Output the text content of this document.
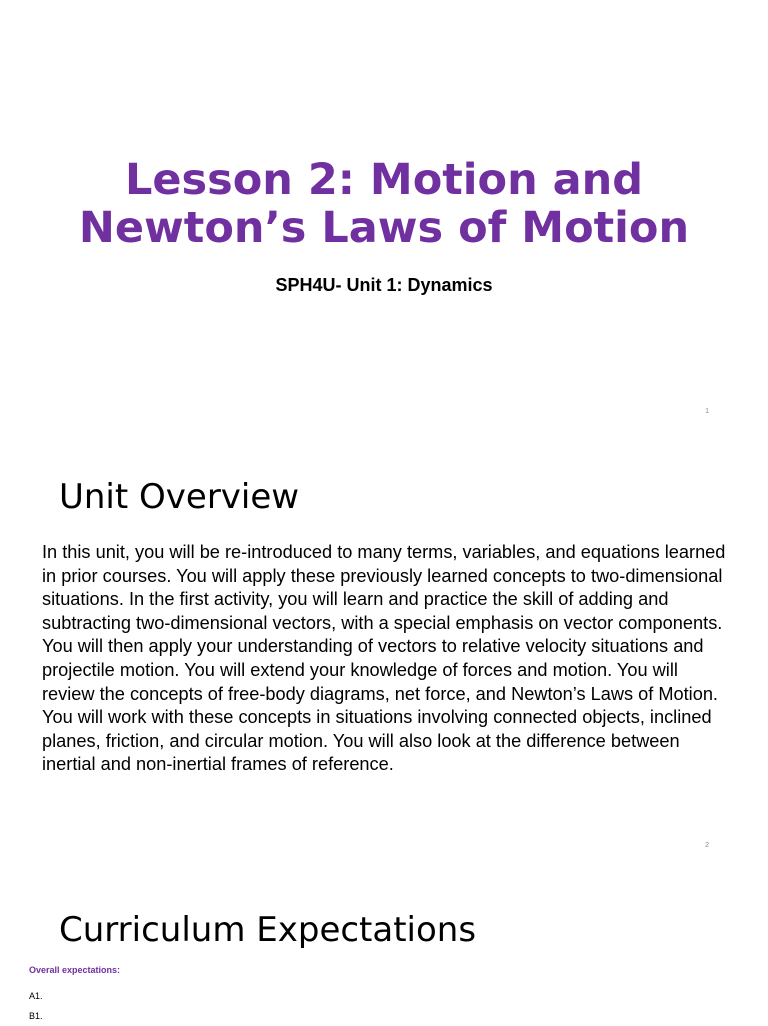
Lesson 2: Motion and
Newton’s Laws of Motion

SPH4U- Unit 1: Dynamics

1
Unit Overview

In this unit, you will be re-introduced to many terms, variables, and equations learned in prior courses. You will apply these previously learned concepts to two-dimensional situations. In the first activity, you will learn and practice the skill of adding and subtracting two-dimensional vectors, with a special emphasis on vector components. You will then apply your understanding of vectors to relative velocity situations and projectile motion. You will extend your knowledge of forces and motion. You will review the concepts of free-body diagrams, net force, and Newton’s Laws of Motion. You will work with these concepts in situations involving connected objects, inclined planes, friction, and circular motion. You will also look at the difference between inertial and non-inertial frames of reference.

2
Curriculum Expectations

Overall expectations:

A1.
B1.
